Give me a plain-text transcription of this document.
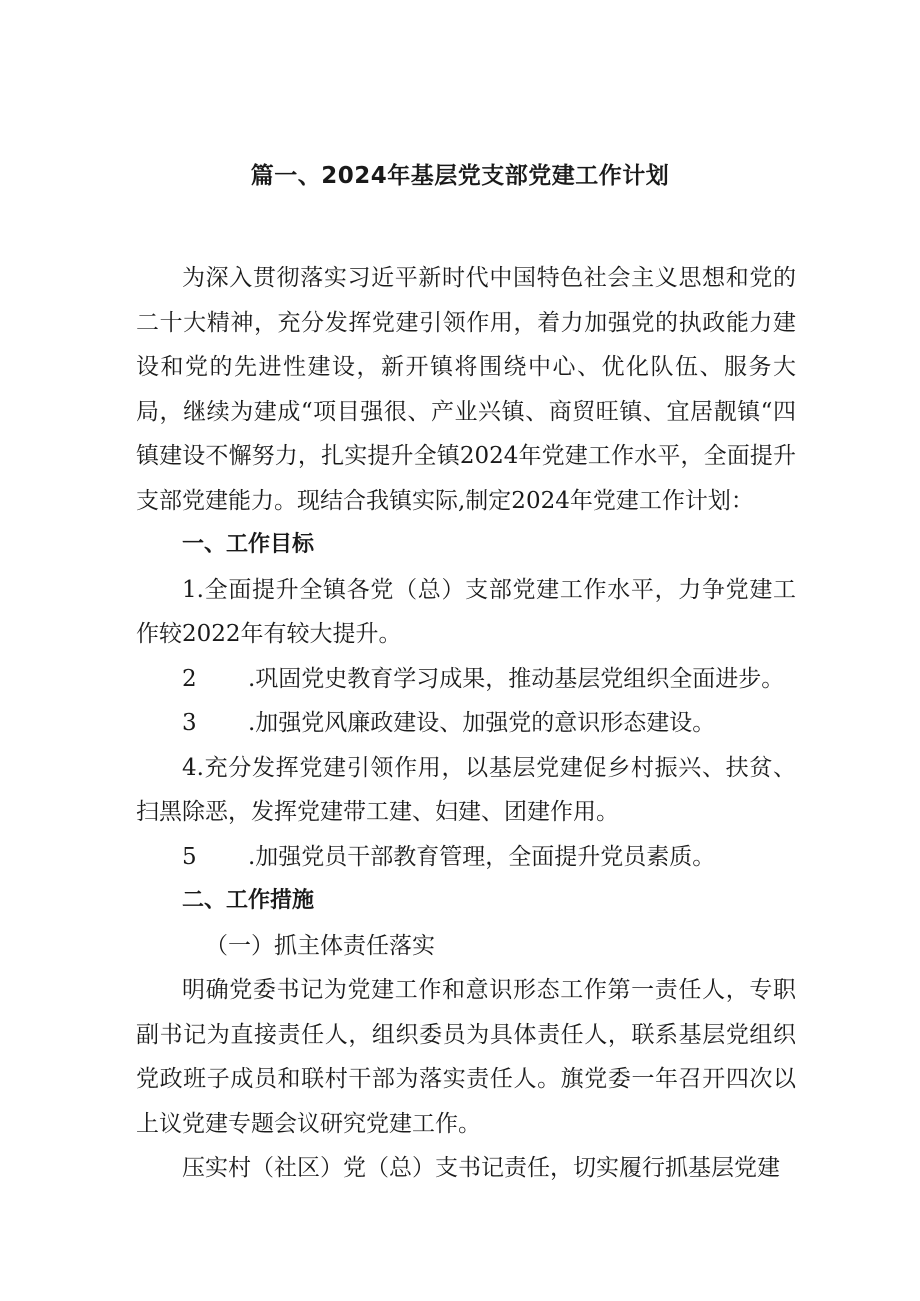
篇一、2024年基层党支部党建工作计划

为深入贯彻落实习近平新时代中国特色社会主义思想和党的二十大精神，充分发挥党建引领作用，着力加强党的执政能力建设和党的先进性建设，新开镇将围绕中心、优化队伍、服务大局，继续为建成“项目强很、产业兴镇、商贸旺镇、宜居靓镇“四镇建设不懈努力，扎实提升全镇2024年党建工作水平，全面提升支部党建能力。现结合我镇实际,制定2024年党建工作计划：

一、工作目标

1.全面提升全镇各党（总）支部党建工作水平，力争党建工作较2022年有较大提升。

2 .巩固党史教育学习成果，推动基层党组织全面进步。

3 .加强党风廉政建设、加强党的意识形态建设。

4.充分发挥党建引领作用，以基层党建促乡村振兴、扶贫、扫黑除恶，发挥党建带工建、妇建、团建作用。

5 .加强党员干部教育管理，全面提升党员素质。

二、工作措施

（一）抓主体责任落实

明确党委书记为党建工作和意识形态工作第一责任人，专职副书记为直接责任人，组织委员为具体责任人，联系基层党组织党政班子成员和联村干部为落实责任人。旗党委一年召开四次以上议党建专题会议研究党建工作。

压实村（社区）党（总）支书记责任，切实履行抓基层党建
